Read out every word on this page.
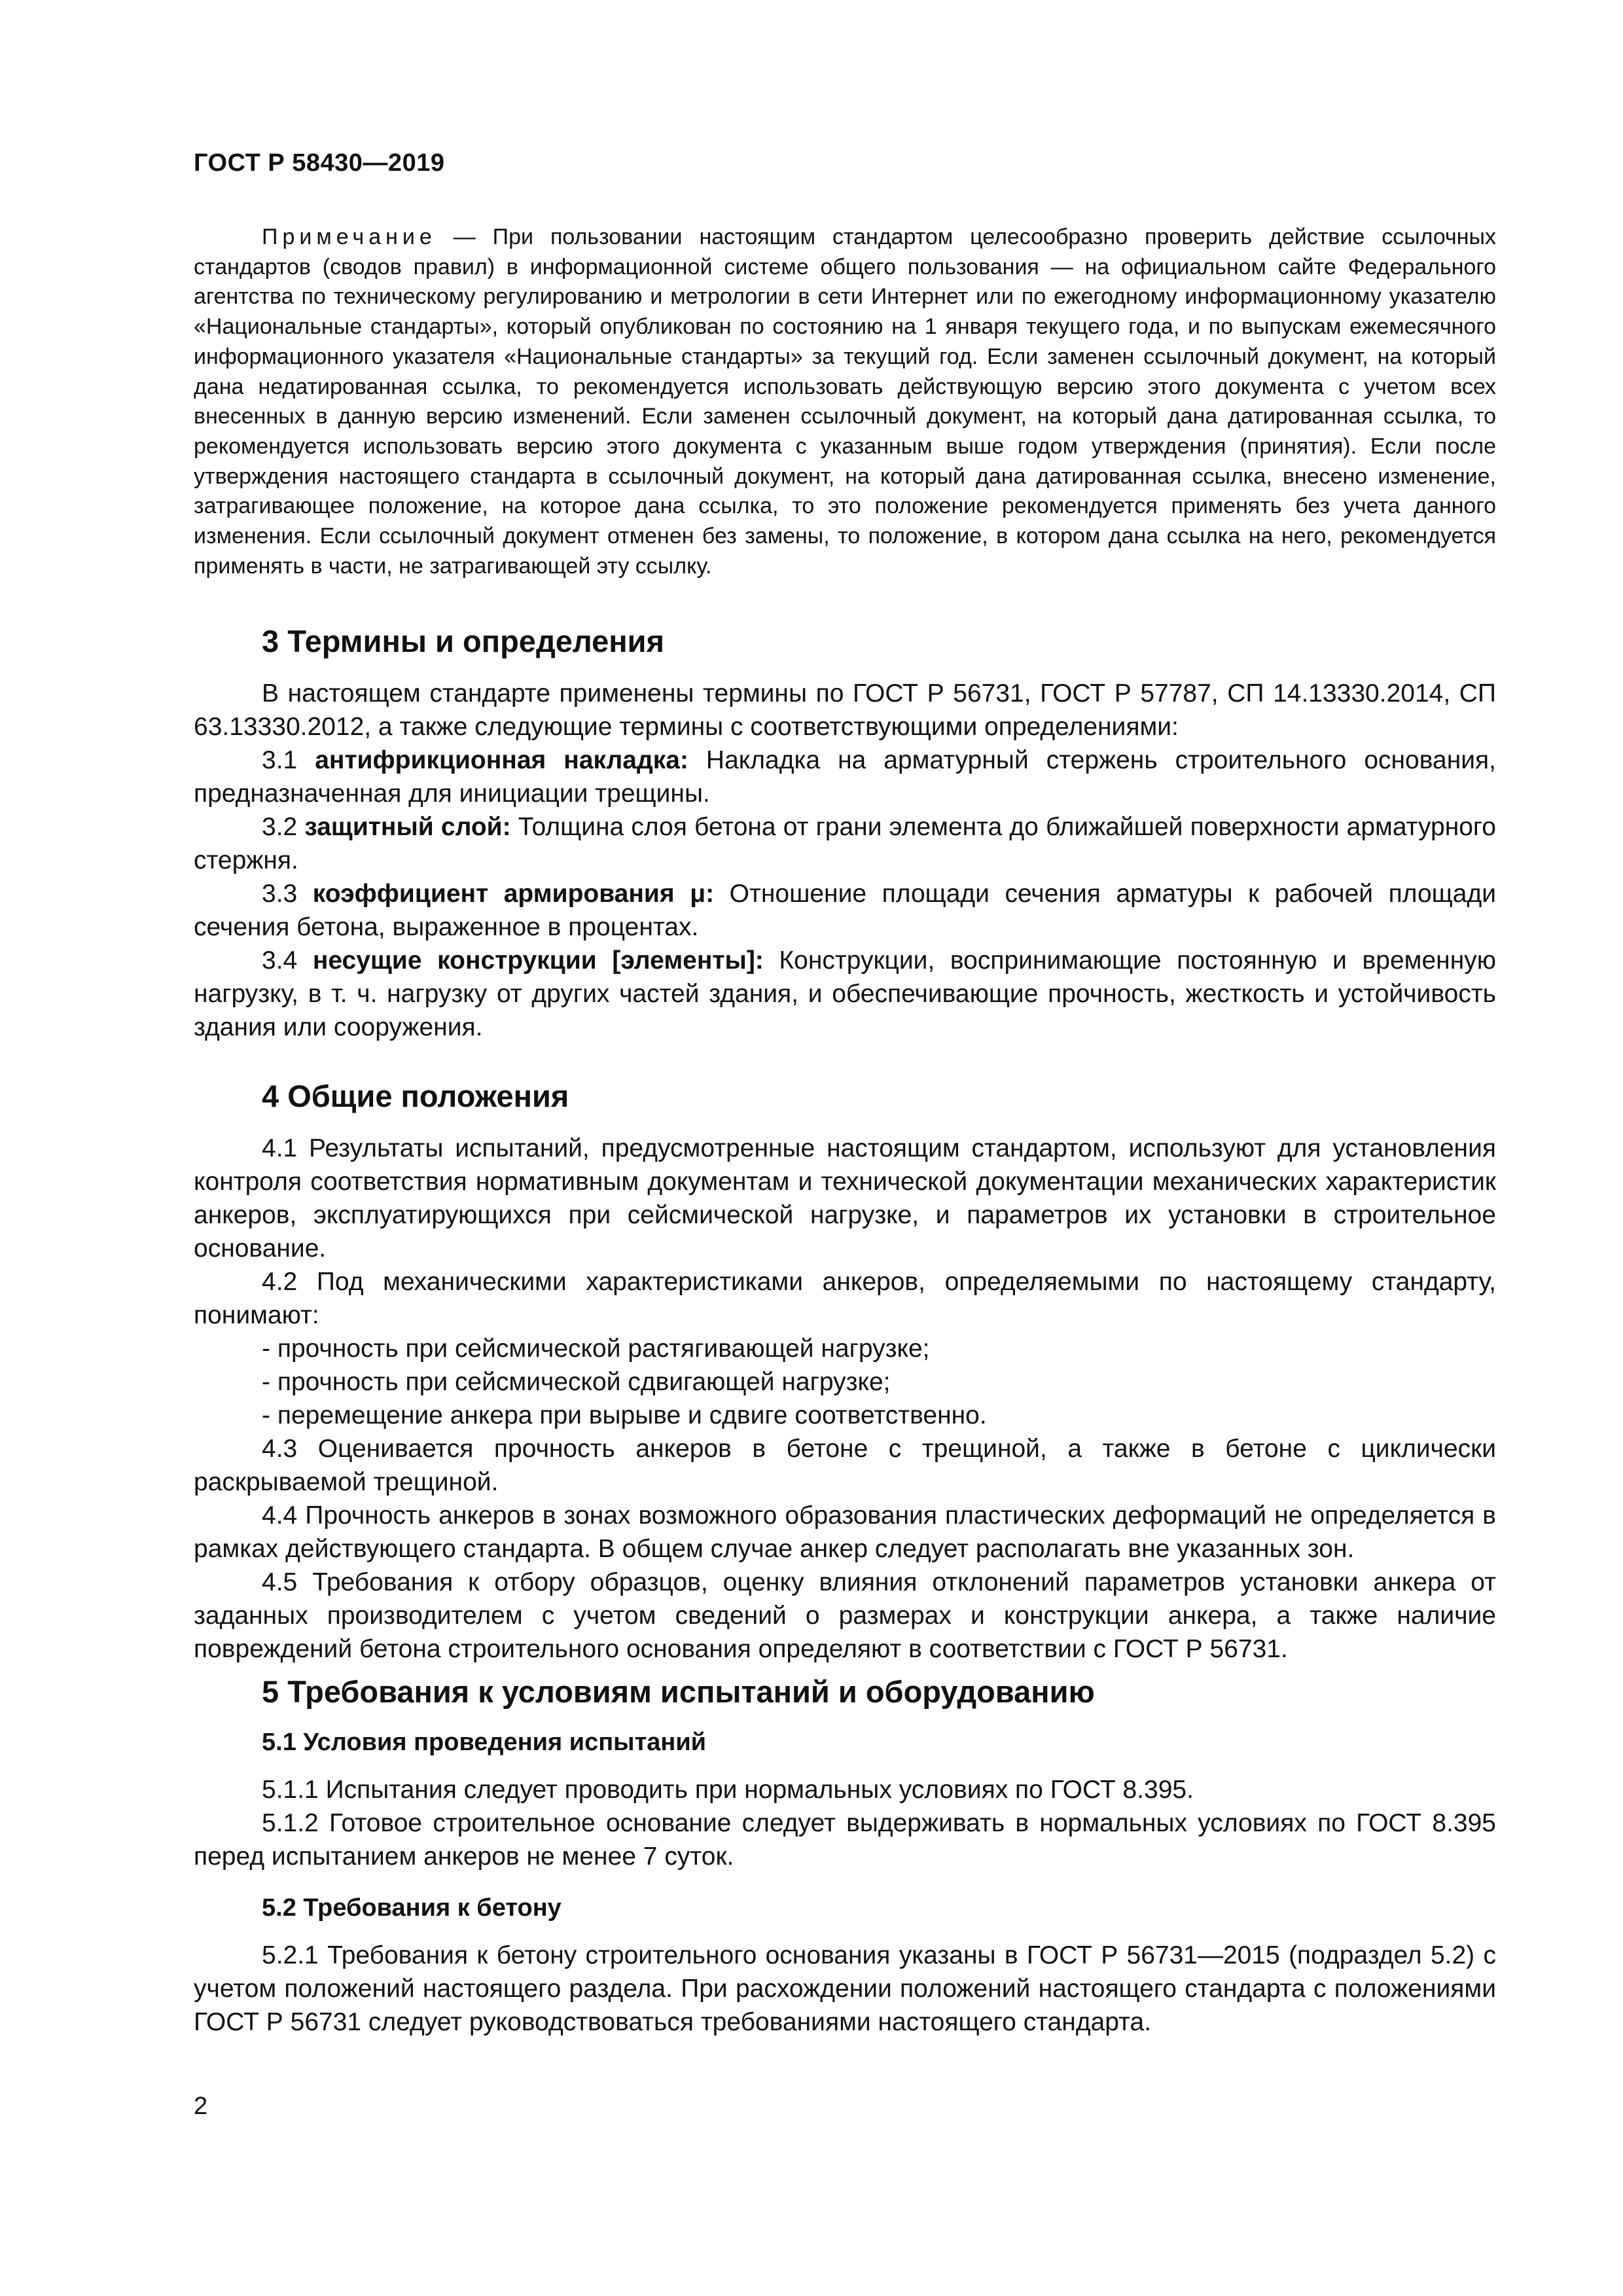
ГОСТ Р 58430—2019
Примечание — При пользовании настоящим стандартом целесообразно проверить действие ссылочных стандартов (сводов правил) в информационной системе общего пользования — на официальном сайте Федерального агентства по техническому регулированию и метрологии в сети Интернет или по ежегодному информационному указателю «Национальные стандарты», который опубликован по состоянию на 1 января текущего года, и по выпускам ежемесячного информационного указателя «Национальные стандарты» за текущий год. Если заменен ссылочный документ, на который дана недатированная ссылка, то рекомендуется использовать действующую версию этого документа с учетом всех внесенных в данную версию изменений. Если заменен ссылочный документ, на который дана датированная ссылка, то рекомендуется использовать версию этого документа с указанным выше годом утверждения (принятия). Если после утверждения настоящего стандарта в ссылочный документ, на который дана датированная ссылка, внесено изменение, затрагивающее положение, на которое дана ссылка, то это положение рекомендуется применять без учета данного изменения. Если ссылочный документ отменен без замены, то положение, в котором дана ссылка на него, рекомендуется применять в части, не затрагивающей эту ссылку.
3 Термины и определения

В настоящем стандарте применены термины по ГОСТ Р 56731, ГОСТ Р 57787, СП 14.13330.2014, СП 63.13330.2012, а также следующие термины с соответствующими определениями:

3.1 антифрикционная накладка: Накладка на арматурный стержень строительного основания, предназначенная для инициации трещины.

3.2 защитный слой: Толщина слоя бетона от грани элемента до ближайшей поверхности арматурного стержня.

3.3 коэффициент армирования μ: Отношение площади сечения арматуры к рабочей площади сечения бетона, выраженное в процентах.

3.4 несущие конструкции [элементы]: Конструкции, воспринимающие постоянную и временную нагрузку, в т. ч. нагрузку от других частей здания, и обеспечивающие прочность, жесткость и устойчивость здания или сооружения.

4 Общие положения

4.1 Результаты испытаний, предусмотренные настоящим стандартом, используют для установления контроля соответствия нормативным документам и технической документации механических характеристик анкеров, эксплуатирующихся при сейсмической нагрузке, и параметров их установки в строительное основание.

4.2 Под механическими характеристиками анкеров, определяемыми по настоящему стандарту, понимают:

- прочность при сейсмической растягивающей нагрузке;

- прочность при сейсмической сдвигающей нагрузке;

- перемещение анкера при вырыве и сдвиге соответственно.

4.3 Оценивается прочность анкеров в бетоне с трещиной, а также в бетоне с циклически раскрываемой трещиной.

4.4 Прочность анкеров в зонах возможного образования пластических деформаций не определяется в рамках действующего стандарта. В общем случае анкер следует располагать вне указанных зон.

4.5 Требования к отбору образцов, оценку влияния отклонений параметров установки анкера от заданных производителем с учетом сведений о размерах и конструкции анкера, а также наличие повреждений бетона строительного основания определяют в соответствии с ГОСТ Р 56731.

5 Требования к условиям испытаний и оборудованию
5.1 Условия проведения испытаний

5.1.1 Испытания следует проводить при нормальных условиях по ГОСТ 8.395.

5.1.2 Готовое строительное основание следует выдерживать в нормальных условиях по ГОСТ 8.395 перед испытанием анкеров не менее 7 суток.

5.2 Требования к бетону

5.2.1 Требования к бетону строительного основания указаны в ГОСТ Р 56731—2015 (подраздел 5.2) с учетом положений настоящего раздела. При расхождении положений настоящего стандарта с положениями ГОСТ Р 56731 следует руководствоваться требованиями настоящего стандарта.

2
